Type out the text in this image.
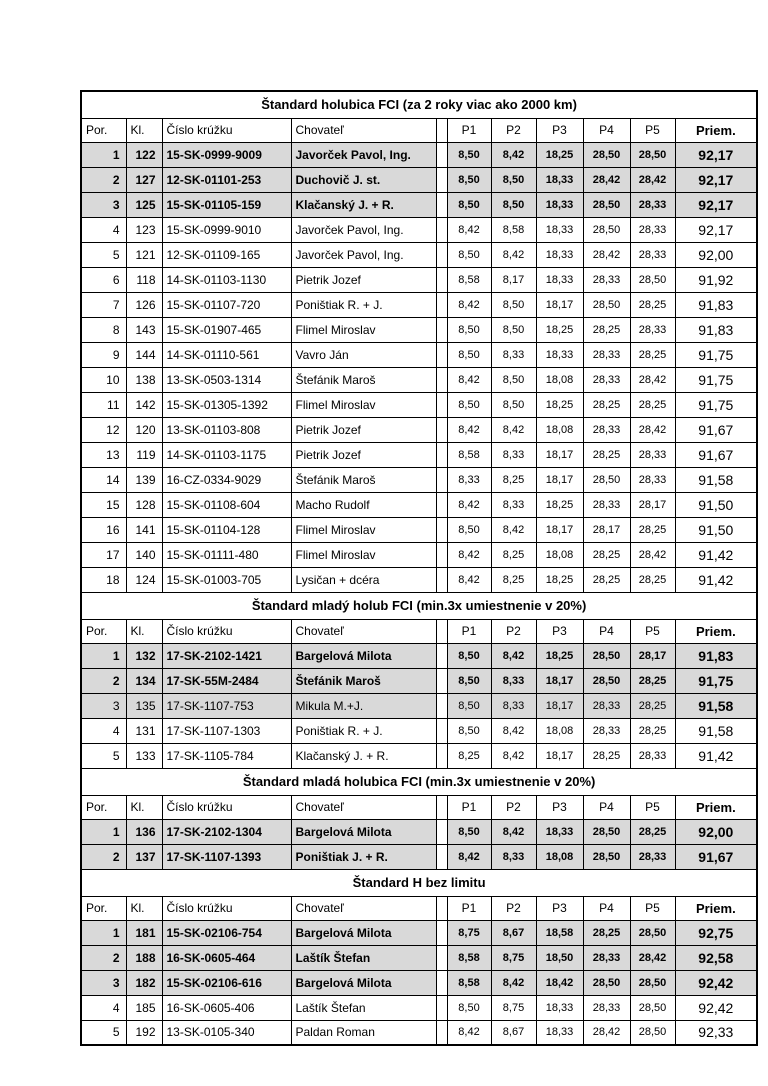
Štandard holubica FCI (za 2 roky viac ako 2000 km)										
Por.	Kl.	Číslo krúžku	Chovateľ		P1	P2	P3	P4	P5	Priem.
1	122	15-SK-0999-9009	Javorček Pavol, Ing.		8,50	8,42	18,25	28,50	28,50	92,17
2	127	12-SK-01101-253	Duchovič J. st.		8,50	8,50	18,33	28,42	28,42	92,17
3	125	15-SK-01105-159	Klačanský J. + R.		8,50	8,50	18,33	28,50	28,33	92,17
4	123	15-SK-0999-9010	Javorček Pavol, Ing.		8,42	8,58	18,33	28,50	28,33	92,17
5	121	12-SK-01109-165	Javorček Pavol, Ing.		8,50	8,42	18,33	28,42	28,33	92,00
6	118	14-SK-01103-1130	Pietrik Jozef		8,58	8,17	18,33	28,33	28,50	91,92
7	126	15-SK-01107-720	Poništiak R. + J.		8,42	8,50	18,17	28,50	28,25	91,83
8	143	15-SK-01907-465	Flimel Miroslav		8,50	8,50	18,25	28,25	28,33	91,83
9	144	14-SK-01110-561	Vavro Ján		8,50	8,33	18,33	28,33	28,25	91,75
10	138	13-SK-0503-1314	Štefánik Maroš		8,42	8,50	18,08	28,33	28,42	91,75
11	142	15-SK-01305-1392	Flimel Miroslav		8,50	8,50	18,25	28,25	28,25	91,75
12	120	13-SK-01103-808	Pietrik Jozef		8,42	8,42	18,08	28,33	28,42	91,67
13	119	14-SK-01103-1175	Pietrik Jozef		8,58	8,33	18,17	28,25	28,33	91,67
14	139	16-CZ-0334-9029	Štefánik Maroš		8,33	8,25	18,17	28,50	28,33	91,58
15	128	15-SK-01108-604	Macho Rudolf		8,42	8,33	18,25	28,33	28,17	91,50
16	141	15-SK-01104-128	Flimel Miroslav		8,50	8,42	18,17	28,17	28,25	91,50
17	140	15-SK-01111-480	Flimel Miroslav		8,42	8,25	18,08	28,25	28,42	91,42
18	124	15-SK-01003-705	Lysičan + dcéra		8,42	8,25	18,25	28,25	28,25	91,42
Štandard mladý holub FCI (min.3x umiestnenie v 20%)										
Por.	Kl.	Číslo krúžku	Chovateľ		P1	P2	P3	P4	P5	Priem.
1	132	17-SK-2102-1421	Bargelová Milota		8,50	8,42	18,25	28,50	28,17	91,83
2	134	17-SK-55M-2484	Štefánik Maroš		8,50	8,33	18,17	28,50	28,25	91,75
3	135	17-SK-1107-753	Mikula M.+J.		8,50	8,33	18,17	28,33	28,25	91,58
4	131	17-SK-1107-1303	Poništiak R. + J.		8,50	8,42	18,08	28,33	28,25	91,58
5	133	17-SK-1105-784	Klačanský J. + R.		8,25	8,42	18,17	28,25	28,33	91,42
Štandard mladá holubica FCI (min.3x umiestnenie v 20%)										
Por.	Kl.	Číslo krúžku	Chovateľ		P1	P2	P3	P4	P5	Priem.
1	136	17-SK-2102-1304	Bargelová Milota		8,50	8,42	18,33	28,50	28,25	92,00
2	137	17-SK-1107-1393	Poništiak J. + R.		8,42	8,33	18,08	28,50	28,33	91,67
Štandard H bez limitu										
Por.	Kl.	Číslo krúžku	Chovateľ		P1	P2	P3	P4	P5	Priem.
1	181	15-SK-02106-754	Bargelová Milota		8,75	8,67	18,58	28,25	28,50	92,75
2	188	16-SK-0605-464	Laštík Štefan		8,58	8,75	18,50	28,33	28,42	92,58
3	182	15-SK-02106-616	Bargelová Milota		8,58	8,42	18,42	28,50	28,50	92,42
4	185	16-SK-0605-406	Laštík Štefan		8,50	8,75	18,33	28,33	28,50	92,42
5	192	13-SK-0105-340	Paldan Roman		8,42	8,67	18,33	28,42	28,50	92,33
